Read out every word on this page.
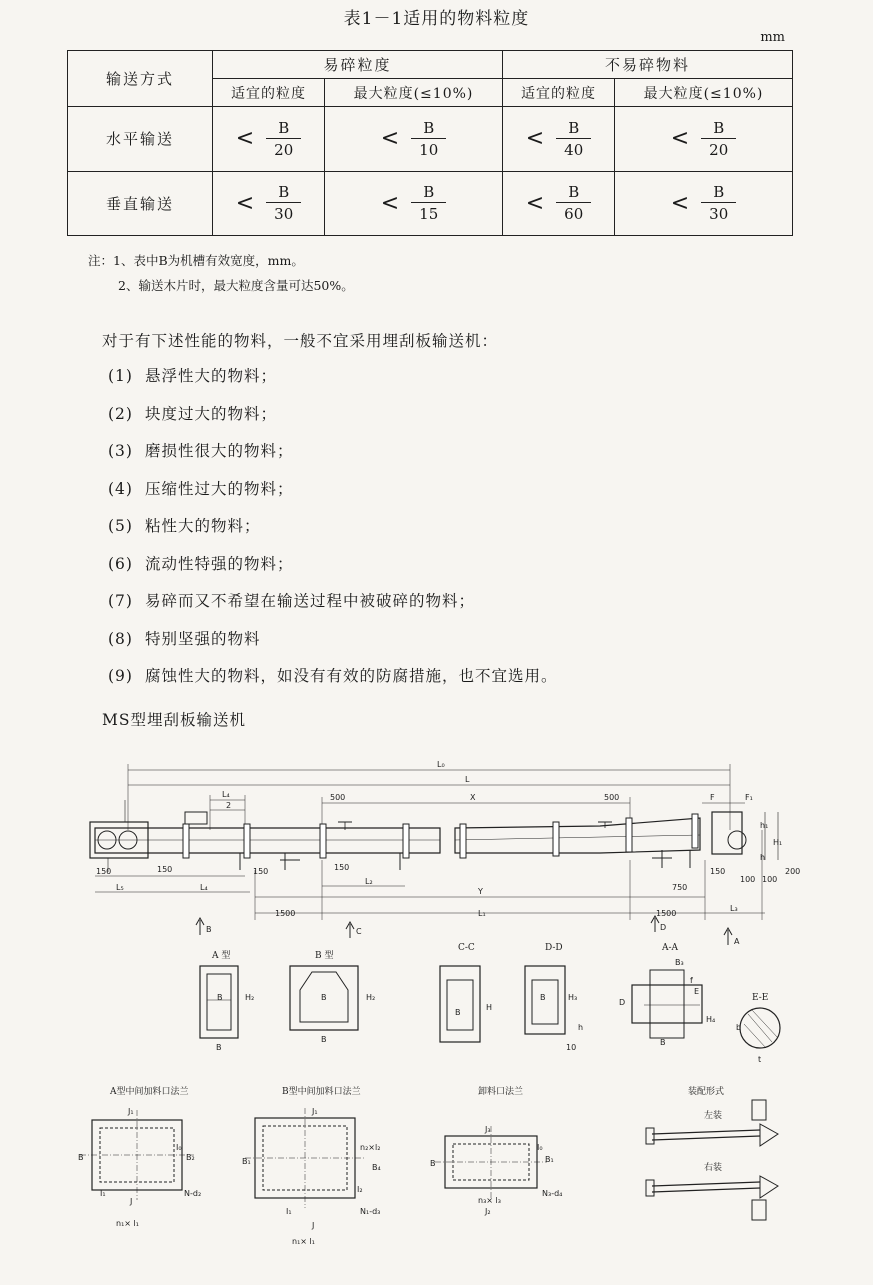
表1－1适用的物料粒度
mm
输送方式	易碎粒度		不易碎物料	
	适宜的粒度	最大粒度(≤10%)	适宜的粒度	最大粒度(≤10%)
水平输送	< $\frac{B}{20}$	< $\frac{B}{10}$	< $\frac{B}{40}$	< $\frac{B}{20}$

垂直输送	< $\frac{B}{30}$	< $\frac{B}{15}$	< $\frac{B}{60}$	< $\frac{B}{30}$
注：1、表中B为机槽有效宽度，mm。
2、输送木片时，最大粒度含量可达50%。
对于有下述性能的物料，一般不宜采用埋刮板输送机：
(1) 悬浮性大的物料；
(2) 块度过大的物料；
(3) 磨损性很大的物料；
(4) 压缩性过大的物料；
(5) 粘性大的物料；
(6) 流动性特强的物料；
(7) 易碎而又不希望在输送过程中被破碎的物料；
(8) 特别坚强的物料
(9) 腐蚀性大的物料，如没有有效的防腐措施，也不宜选用。
MS型埋刮板输送机
L₀
L
L₄
2
500	X	500	F	F₁
150	150	150	150	150
L₅	L₄
L₂
Y	750
100 100
L₃
1500	L₁	1500
h₁
H₁
h
200
B	C	D
A
A 型
B
B
H₂
B 型
B
B
H₂
C-C
B
H
D-D
B	H₃
h
10
A-A
B₃
f
E
D
H₄
B
E-E
b
t
A型中间加料口法兰
J₁
J
n₁× l₁
B	B₂
I₀
I₁	N-d₂
B型中间加料口法兰
J₁
J
n₁× l₁
B₁
B₄
n₂×l₂
I₂
I₁	N₁-d₃
卸料口法兰
J₃
J₂
n₃× l₃
B	B₁
I₀
N₃-d₄
装配形式
左装
右装
